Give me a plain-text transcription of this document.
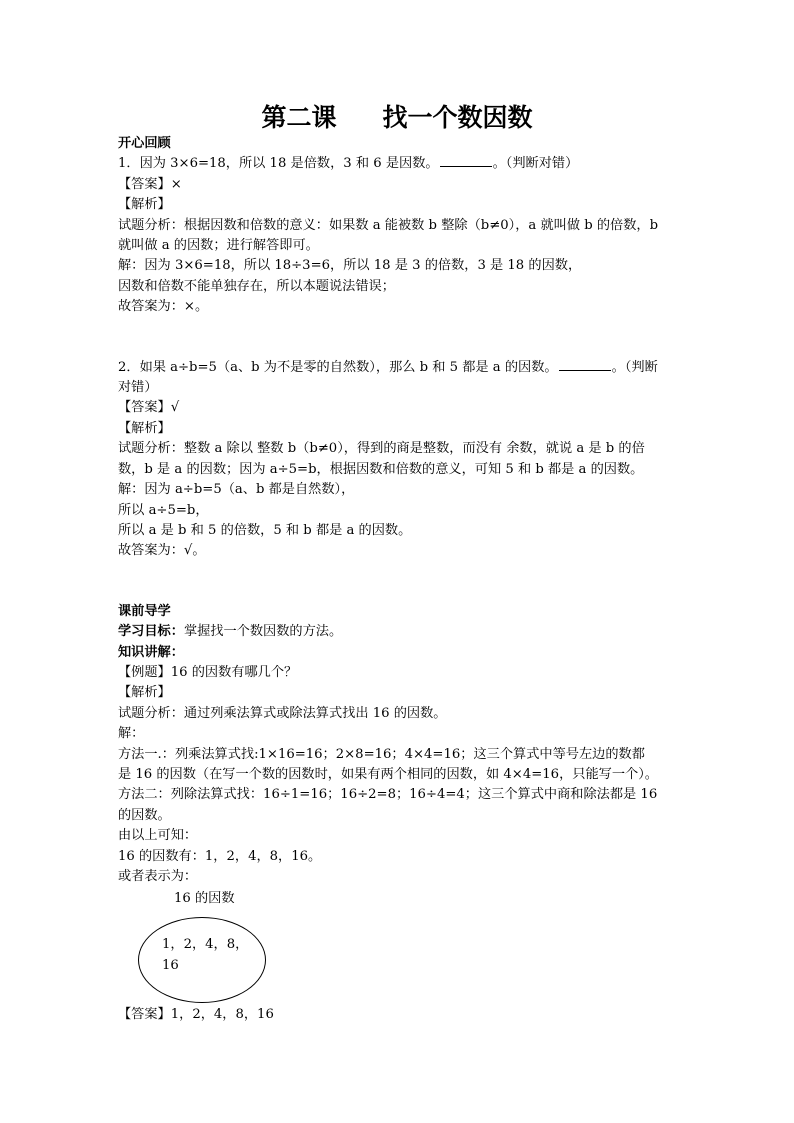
第二课 找一个数因数
开心回顾
1．因为 3×6=18，所以 18 是倍数，3 和 6 是因数。	。（判断对错）
【答案】×
【解析】
试题分析：根据因数和倍数的意义：如果数 a 能被数 b 整除（b≠0），a 就叫做 b 的倍数，b
就叫做 a 的因数；进行解答即可。
解：因为 3×6=18，所以 18÷3=6，所以 18 是 3 的倍数，3 是 18 的因数，
因数和倍数不能单独存在，所以本题说法错误；
故答案为：×。
2．如果 a÷b=5（a、b 为不是零的自然数），那么 b 和 5 都是 a 的因数。	。（判断
对错）
【答案】√
【解析】
试题分析：整数 a 除以 整数 b（b≠0），得到的商是整数，而没有 余数，就说 a 是 b 的倍
数，b 是 a 的因数；因为 a÷5=b，根据因数和倍数的意义，可知 5 和 b 都是 a 的因数。
解：因为 a÷b=5（a、b 都是自然数），
所以 a÷5=b，
所以 a 是 b 和 5 的倍数，5 和 b 都是 a 的因数。
故答案为：√。
课前导学
学习目标：掌握找一个数因数的方法。
知识讲解：
【例题】16 的因数有哪几个？
【解析】
试题分析：通过列乘法算式或除法算式找出 16 的因数。
解：
方法一.：列乘法算式找:1×16=16；2×8=16；4×4=16；这三个算式中等号左边的数都
是 16 的因数（在写一个数的因数时，如果有两个相同的因数，如 4×4=16，只能写一个）。
方法二：列除法算式找：16÷1=16；16÷2=8；16÷4=4；这三个算式中商和除法都是 16
的因数。
由以上可知：
16 的因数有：1，2，4，8，16。
或者表示为：
16 的因数
1，2，4，8，
16
【答案】1，2，4，8，16
